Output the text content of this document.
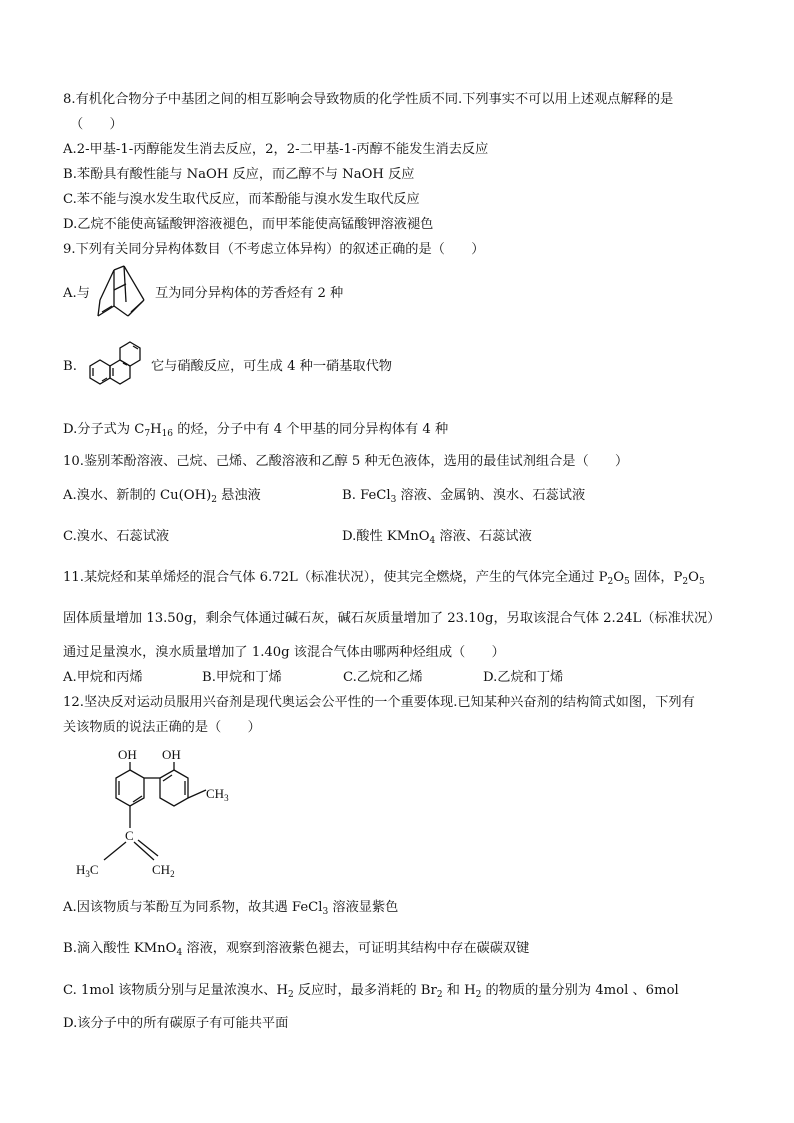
8.有机化合物分子中基团之间的相互影响会导致物质的化学性质不同.下列事实不可以用上述观点解释的是
（　　）
A.2-甲基-1-丙醇能发生消去反应，2，2-二甲基-1-丙醇不能发生消去反应
B.苯酚具有酸性能与 NaOH 反应，而乙醇不与 NaOH 反应
C.苯不能与溴水发生取代反应，而苯酚能与溴水发生取代反应
D.乙烷不能使高锰酸钾溶液褪色，而甲苯能使高锰酸钾溶液褪色
9.下列有关同分异构体数目（不考虑立体异构）的叙述正确的是（　　）
A.与	互为同分异构体的芳香烃有 2 种
B.	它与硝酸反应，可生成 4 种一硝基取代物
D.分子式为 $C_7H_{16}$ 的烃，分子中有 4 个甲基的同分异构体有 4 种
10.鉴别苯酚溶液、己烷、己烯、乙酸溶液和乙醇 5 种无色液体，选用的最佳试剂组合是（　　）
A.溴水、新制的 $Cu(OH)_2$ 悬浊液	B. FeCl$_3$ 溶液、金属钠、溴水、石蕊试液
C.溴水、石蕊试液	D.酸性 KMnO$_4$ 溶液、石蕊试液
11.某烷烃和某单烯烃的混合气体 6.72L（标准状况），使其完全燃烧，产生的气体完全通过 $P_2O_5$ 固体，$P_2O_5$
固体质量增加 13.50g，剩余气体通过碱石灰，碱石灰质量增加了 23.10g，另取该混合气体 2.24L（标准状况）
通过足量溴水，溴水质量增加了 1.40g 该混合气体由哪两种烃组成（　　）
A.甲烷和丙烯	B.甲烷和丁烯	C.乙烷和乙烯	D.乙烷和丁烯
12.坚决反对运动员服用兴奋剂是现代奥运会公平性的一个重要体现.已知某种兴奋剂的结构简式如图，下列有
关该物质的说法正确的是（　　）
OH OH
$CH_3$
C
$H_3C$	$CH_2$
A.因该物质与苯酚互为同系物，故其遇 FeCl$_3$ 溶液显紫色
B.滴入酸性 KMnO$_4$ 溶液，观察到溶液紫色褪去，可证明其结构中存在碳碳双键
C. 1mol 该物质分别与足量浓溴水、$H_2$ 反应时，最多消耗的 $Br_2$ 和 $H_2$ 的物质的量分别为 4mol 、6mol
D.该分子中的所有碳原子有可能共平面
